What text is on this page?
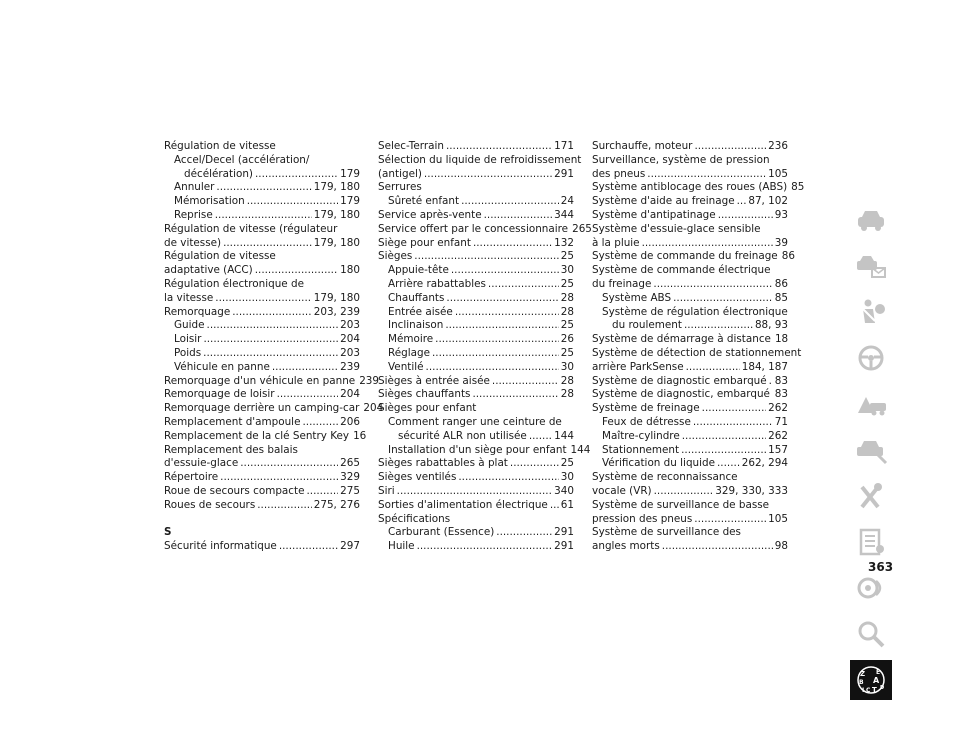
Régulation de vitesse
Accel/Decel (accélération/
décélération) .....	179
Annuler .....	179, 180
Mémorisation .....	179
Reprise .....	179, 180
Régulation de vitesse (régulateur
de vitesse) .....	179, 180
Régulation de vitesse
adaptative (ACC) .....	180
Régulation électronique de
la vitesse .....	179, 180
Remorquage .....	203, 239
Guide .....	203
Loisir .....	204
Poids .....	203
Véhicule en panne .....	239
Remorquage d'un véhicule en panne 239
Remorquage de loisir .....	204
Remorquage derrière un camping-car 204
Remplacement d'ampoule .....	206
Remplacement de la clé Sentry Key 16
Remplacement des balais
d'essuie-glace .....	265
Répertoire .....	329
Roue de secours compacte .....	275
Roues de secours .....	275, 276
S
Sécurité informatique .....	297
Selec-Terrain .....	171
Sélection du liquide de refroidissement
(antigel) .....	291
Serrures
Sûreté enfant .....	24
Service après-vente .....	344
Service offert par le concessionnaire 265
Siège pour enfant .....	132
Sièges .....	25
Appuie-tête .....	30
Arrière rabattables .....	25
Chauffants .....	28
Entrée aisée .....	28
Inclinaison .....	25
Mémoire .....	26
Réglage .....	25
Ventilé .....	30
Sièges à entrée aisée .....	28
Sièges chauffants .....	28
Sièges pour enfant
Comment ranger une ceinture de
sécurité ALR non utilisée .....	144
Installation d'un siège pour enfant 144
Sièges rabattables à plat .....	25
Sièges ventilés .....	30
Siri .....	340
Sorties d'alimentation électrique ..... 61
Spécifications
Carburant (Essence) .....	291
Huile .....	291
Surchauffe, moteur .....	236
Surveillance, système de pression
des pneus .....	105
Système antiblocage des roues (ABS) 85
Système d'aide au freinage ..... 87, 102
Système d'antipatinage .....	93
Système d'essuie-glace sensible
à la pluie .....	39
Système de commande du freinage 86
Système de commande électrique
du freinage .....	86
Système ABS .....	85
Système de régulation électronique
du roulement .....	88, 93
Système de démarrage à distance 18
Système de détection de stationnement
arrière ParkSense .....	184, 187
Système de diagnostic embarqué ..... 83
Système de diagnostic, embarqué ..... 83
Système de freinage .....	262
Feux de détresse .....	71
Maître-cylindre .....	262
Stationnement .....	157
Vérification du liquide .....	262, 294
Système de reconnaissance
vocale (VR) .....	329, 330, 333
Système de surveillance de basse
pression des pneus .....	105
Système de surveillance des
angles morts .....	98
Z E
B A
I C T D
363
